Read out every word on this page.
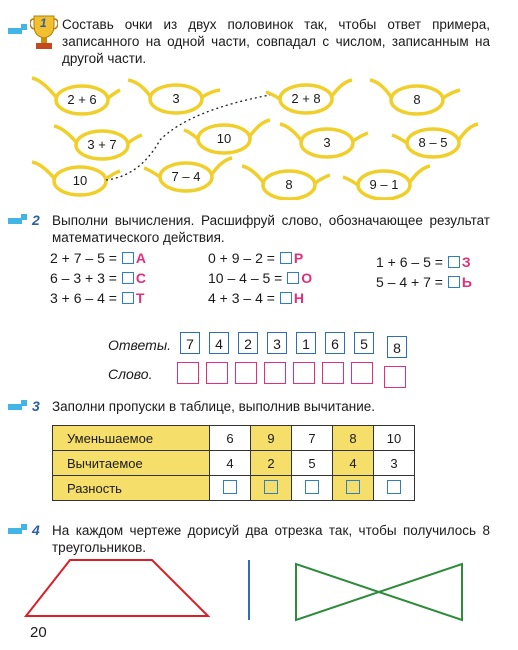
1 Составь очки из двух половинок так, чтобы ответ примера, записанного на одной части, совпадал с числом, записанным на другой части.
2 + 6	3	2 + 8	8
3 + 7	10	3	8 – 5
10	7 – 4
8	9 – 1
2 Выполни вычисления. Расшифруй слово, обозначающее результат математического действия.
2 + 7 – 5 = А
6 – 3 + 3 = С
3 + 6 – 4 = Т
0 + 9 – 2 = Р
10 – 4 – 5 = О
4 + 3 – 4 = Н
1 + 6 – 5 = З
5 – 4 + 7 = Ь
Ответы.	7	4	2	3	1	6	5	8
Слово.
3 Заполни пропуски в таблице, выполнив вычитание.
Уменьшаемое	6	9	7	8	10
Вычитаемое	4	2	5	4	3
Разность					
4 На каждом чертеже дорисуй два отрезка так, чтобы получилось 8 треугольников.
20
